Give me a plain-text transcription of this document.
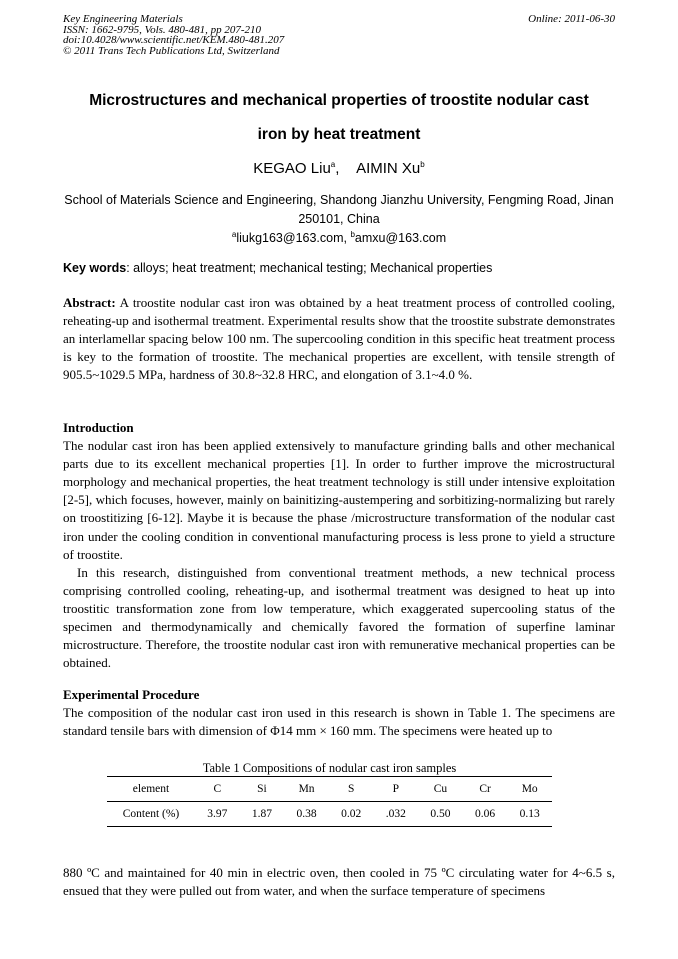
Key Engineering Materials
ISSN: 1662-9795, Vols. 480-481, pp 207-210
doi:10.4028/www.scientific.net/KEM.480-481.207
© 2011 Trans Tech Publications Ltd, Switzerland
Online: 2011-06-30
Microstructures and mechanical properties of troostite nodular cast
iron by heat treatment
KEGAO Liu$^a$, AIMIN Xu$^b$
School of Materials Science and Engineering, Shandong Jianzhu University, Fengming Road, Jinan
250101, China
$^a$liukg163@163.com, $^b$amxu@163.com
Key words: alloys; heat treatment; mechanical testing; Mechanical properties
Abstract: A troostite nodular cast iron was obtained by a heat treatment process of controlled cooling, reheating-up and isothermal treatment. Experimental results show that the troostite substrate demonstrates an interlamellar spacing below 100 nm. The supercooling condition in this specific heat treatment process is key to the formation of troostite. The mechanical properties are excellent, with tensile strength of 905.5~1029.5 MPa, hardness of 30.8~32.8 HRC, and elongation of 3.1~4.0 %.
Introduction
The nodular cast iron has been applied extensively to manufacture grinding balls and other mechanical parts due to its excellent mechanical properties [1]. In order to further improve the microstructural morphology and mechanical properties, the heat treatment technology is still under intensive exploitation [2-5], which focuses, however, mainly on bainitizing-austempering and sorbitizing-normalizing but rarely on troostitizing [6-12]. Maybe it is because the phase /microstructure transformation of the nodular cast iron under the cooling condition in conventional manufacturing process is less prone to yield a structure of troostite.
In this research, distinguished from conventional treatment methods, a new technical process comprising controlled cooling, reheating-up, and isothermal treatment was designed to heat up into troostitic transformation zone from low temperature, which exaggerated supercooling status of the specimen and thermodynamically and chemically favored the formation of superfine laminar microstructure. Therefore, the troostite nodular cast iron with remunerative mechanical properties can be obtained.
Experimental Procedure
The composition of the nodular cast iron used in this research is shown in Table 1. The specimens are standard tensile bars with dimension of Φ14 mm × 160 mm. The specimens were heated up to
Table 1 Compositions of nodular cast iron samples
element	C	Si	Mn	S	P	Cu	Cr	Mo
Content (%)	3.97	1.87	0.38	0.02	.032	0.50	0.06	0.13
880 ºC and maintained for 40 min in electric oven, then cooled in 75 ºC circulating water for 4~6.5 s, ensued that they were pulled out from water, and when the surface temperature of specimens
